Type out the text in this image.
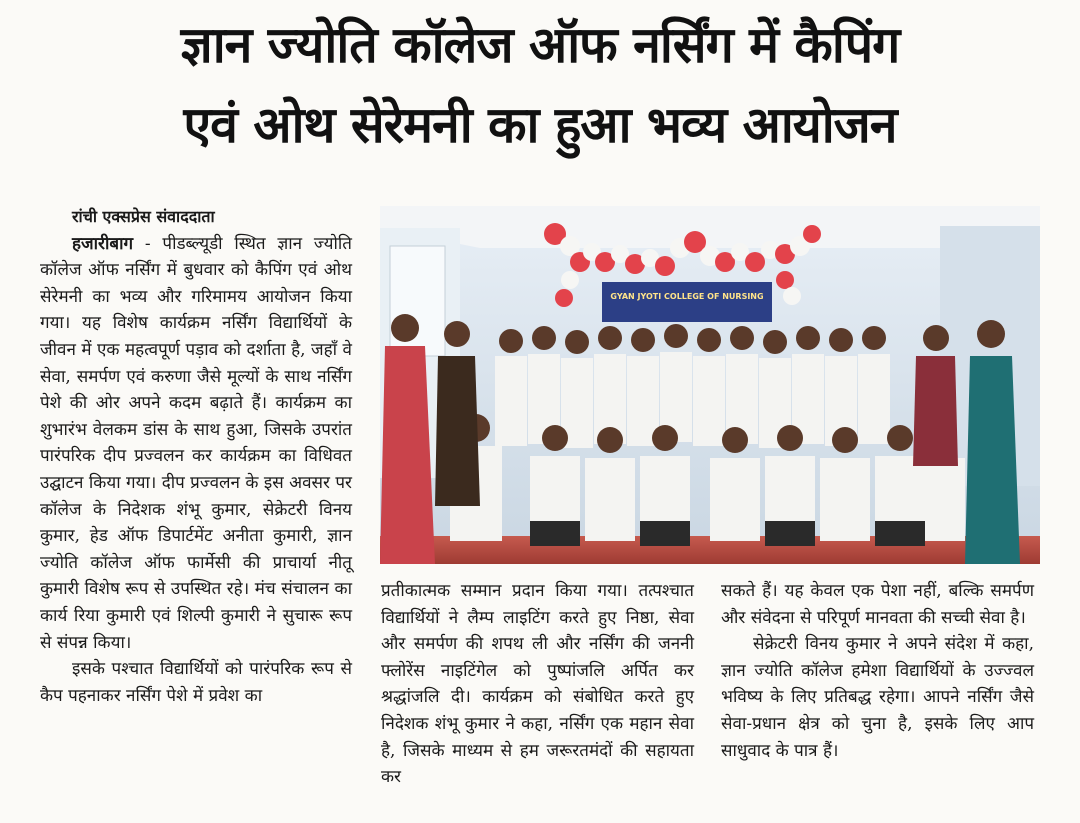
ज्ञान ज्योति कॉलेज ऑफ नर्सिंग में कैपिंग
एवं ओथ सेरेमनी का हुआ भव्य आयोजन

रांची एक्सप्रेस संवाददाता

हजारीबाग - पीडब्ल्यूडी स्थित ज्ञान ज्योति कॉलेज ऑफ नर्सिंग में बुधवार को कैपिंग एवं ओथ सेरेमनी का भव्य और गरिमामय आयोजन किया गया। यह विशेष कार्यक्रम नर्सिंग विद्यार्थियों के जीवन में एक महत्वपूर्ण पड़ाव को दर्शाता है, जहाँ वे सेवा, समर्पण एवं करुणा जैसे मूल्यों के साथ नर्सिंग पेशे की ओर अपने कदम बढ़ाते हैं। कार्यक्रम का शुभारंभ वेलकम डांस के साथ हुआ, जिसके उपरांत पारंपरिक दीप प्रज्वलन कर कार्यक्रम का विधिवत उद्घाटन किया गया। दीप प्रज्वलन के इस अवसर पर कॉलेज के निदेशक शंभू कुमार, सेक्रेटरी विनय कुमार, हेड ऑफ डिपार्टमेंट अनीता कुमारी, ज्ञान ज्योति कॉलेज ऑफ फार्मेसी की प्राचार्या नीतू कुमारी विशेष रूप से उपस्थित रहे। मंच संचालन का कार्य रिया कुमारी एवं शिल्पी कुमारी ने सुचारू रूप से संपन्न किया।

इसके पश्चात विद्यार्थियों को पारंपरिक रूप से कैप पहनाकर नर्सिंग पेशे में प्रवेश का

GYAN JYOTI COLLEGE OF NURSING

प्रतीकात्मक सम्मान प्रदान किया गया। तत्पश्चात विद्यार्थियों ने लैम्प लाइटिंग करते हुए निष्ठा, सेवा और समर्पण की शपथ ली और नर्सिंग की जननी फ्लोरेंस नाइटिंगेल को पुष्पांजलि अर्पित कर श्रद्धांजलि दी। कार्यक्रम को संबोधित करते हुए निदेशक शंभू कुमार ने कहा, नर्सिंग एक महान सेवा है, जिसके माध्यम से हम जरूरतमंदों की सहायता कर

सकते हैं। यह केवल एक पेशा नहीं, बल्कि समर्पण और संवेदना से परिपूर्ण मानवता की सच्ची सेवा है।

सेक्रेटरी विनय कुमार ने अपने संदेश में कहा, ज्ञान ज्योति कॉलेज हमेशा विद्यार्थियों के उज्ज्वल भविष्य के लिए प्रतिबद्ध रहेगा। आपने नर्सिंग जैसे सेवा-प्रधान क्षेत्र को चुना है, इसके लिए आप साधुवाद के पात्र हैं।
